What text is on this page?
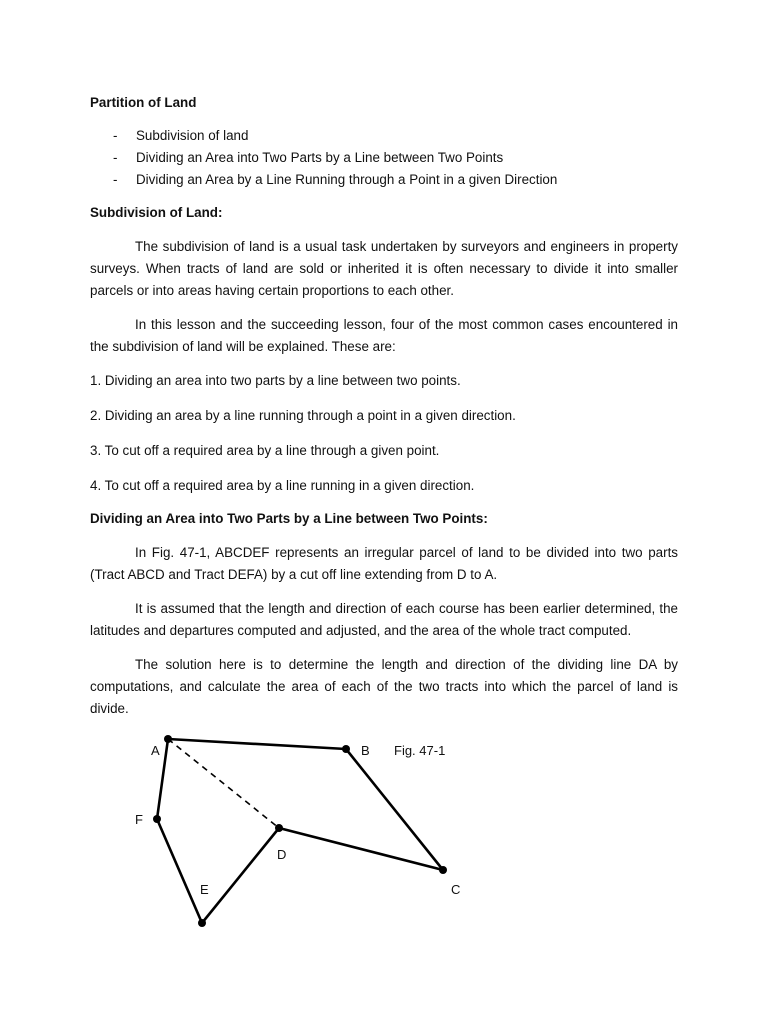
Partition of Land

- Subdivision of land
- Dividing an Area into Two Parts by a Line between Two Points
- Dividing an Area by a Line Running through a Point in a given Direction

Subdivision of Land:

The subdivision of land is a usual task undertaken by surveyors and engineers in property surveys. When tracts of land are sold or inherited it is often necessary to divide it into smaller parcels or into areas having certain proportions to each other.

In this lesson and the succeeding lesson, four of the most common cases encountered in the subdivision of land will be explained. These are:

1. Dividing an area into two parts by a line between two points.

2. Dividing an area by a line running through a point in a given direction.

3. To cut off a required area by a line through a given point.

4. To cut off a required area by a line running in a given direction.

Dividing an Area into Two Parts by a Line between Two Points:

In Fig. 47-1, ABCDEF represents an irregular parcel of land to be divided into two parts (Tract ABCD and Tract DEFA) by a cut off line extending from D to A.

It is assumed that the length and direction of each course has been earlier determined, the latitudes and departures computed and adjusted, and the area of the whole tract computed.

The solution here is to determine the length and direction of the dividing line DA by computations, and calculate the area of each of the two tracts into which the parcel of land is divide.

A	B
C
D
E
F
Fig. 47-1
